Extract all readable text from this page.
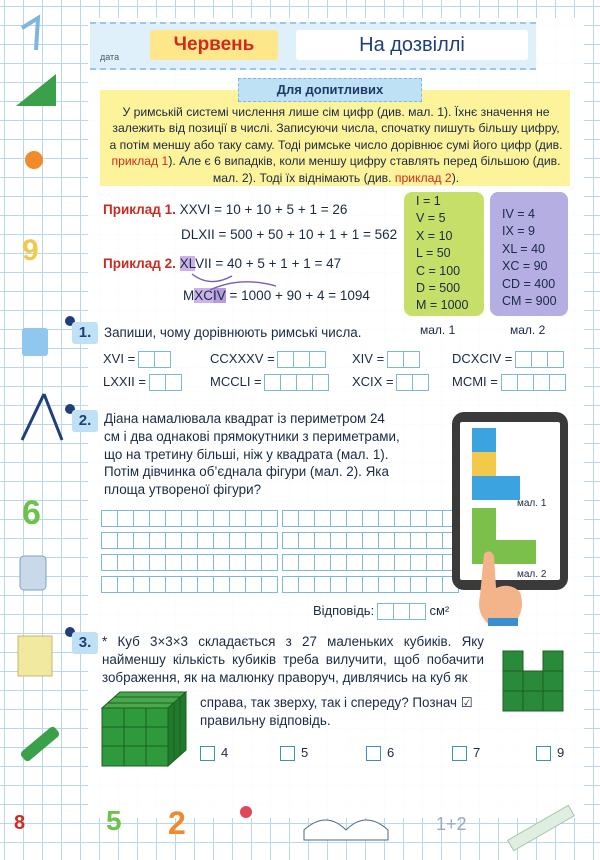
дата
Червень	На дозвіллі
Для допитливих
У римській системі числення лише сім цифр (див. мал. 1). Їхнє значення не залежить від позиції в числі. Записуючи числа, спочатку пишуть більшу цифру, а потім меншу або таку саму. Тоді римське число дорівнює сумі його цифр (див. приклад 1). Але є 6 випадків, коли меншу цифру ставлять перед більшою (див. мал. 2). Тоді їх віднімають (див. приклад 2).
Приклад 1. XXVI = 10 + 10 + 5 + 1 = 26
DLXII = 500 + 50 + 10 + 1 + 1 = 562
Приклад 2. XLVII = 40 + 5 + 1 + 1 = 47
MXCIV = 1000 + 90 + 4 = 1094
I = 1
V = 5
X = 10
L = 50
C = 100
D = 500
M = 1000
IV = 4
IX = 9
XL = 40
XC = 90
CD = 400
CM = 900
мал. 1	мал. 2
1. Запиши, чому дорівнюють римські числа.
XVI =	CCXXXV =	XIV =	DCXCIV =
LXXII =	MCCLI =	XCIX =	MCMI =
2. Діана намалювала квадрат із периметром 24 см і два однакові прямокутники з периметрами, що на третину більші, ніж у квадрата (мал. 1). Потім дівчинка об’єднала фігури (мал. 2). Яка площа утвореної фігури?
Відповідь:	см²
мал. 1
мал. 2
3. * Куб 3×3×3 складається з 27 маленьких кубиків. Яку найменшу кількість кубиків треба вилучити, щоб побачити зображення, як на малюнку праворуч, дивлячись на куб як
справа, так зверху, так і спереду? Познач ☑ правильну відповідь.
4	5	6	7	9
9
6
8	5 2	1+2
